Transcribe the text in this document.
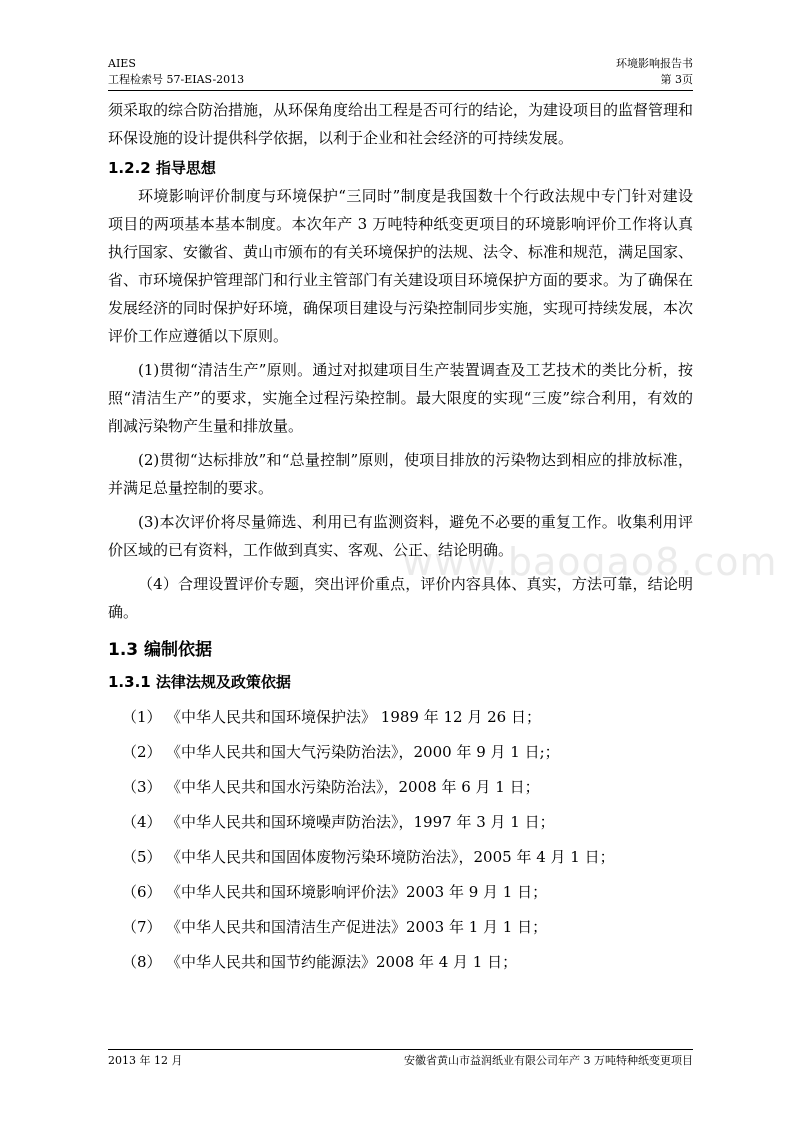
AIES
工程检索号 57-EIAS-2013
环境影响报告书
第 3页
www.baogao8.com

须采取的综合防治措施，从环保角度给出工程是否可行的结论，为建设项目的监督管理和环保设施的设计提供科学依据，以利于企业和社会经济的可持续发展。

1.2.2 指导思想

环境影响评价制度与环境保护“三同时”制度是我国数十个行政法规中专门针对建设项目的两项基本基本制度。本次年产 3 万吨特种纸变更项目的环境影响评价工作将认真执行国家、安徽省、黄山市颁布的有关环境保护的法规、法令、标准和规范，满足国家、省、市环境保护管理部门和行业主管部门有关建设项目环境保护方面的要求。为了确保在发展经济的同时保护好环境，确保项目建设与污染控制同步实施，实现可持续发展，本次评价工作应遵循以下原则。

(1)贯彻“清洁生产”原则。通过对拟建项目生产装置调查及工艺技术的类比分析，按照“清洁生产”的要求，实施全过程污染控制。最大限度的实现“三废”综合利用，有效的削减污染物产生量和排放量。

(2)贯彻“达标排放”和“总量控制”原则，使项目排放的污染物达到相应的排放标准，并满足总量控制的要求。

(3)本次评价将尽量筛选、利用已有监测资料，避免不必要的重复工作。收集利用评价区域的已有资料，工作做到真实、客观、公正、结论明确。

（4）合理设置评价专题，突出评价重点，评价内容具体、真实，方法可靠，结论明确。

1.3 编制依据
1.3.1 法律法规及政策依据
（1） 《中华人民共和国环境保护法》 1989 年 12 月 26 日；
（2） 《中华人民共和国大气污染防治法》，2000 年 9 月 1 日;；
（3） 《中华人民共和国水污染防治法》，2008 年 6 月 1 日；
（4） 《中华人民共和国环境噪声防治法》，1997 年 3 月 1 日；
（5） 《中华人民共和国固体废物污染环境防治法》，2005 年 4 月 1 日；
（6） 《中华人民共和国环境影响评价法》2003 年 9 月 1 日；
（7） 《中华人民共和国清洁生产促进法》2003 年 1 月 1 日；
（8） 《中华人民共和国节约能源法》2008 年 4 月 1 日；
2013 年 12 月	安徽省黄山市益润纸业有限公司年产 3 万吨特种纸变更项目
